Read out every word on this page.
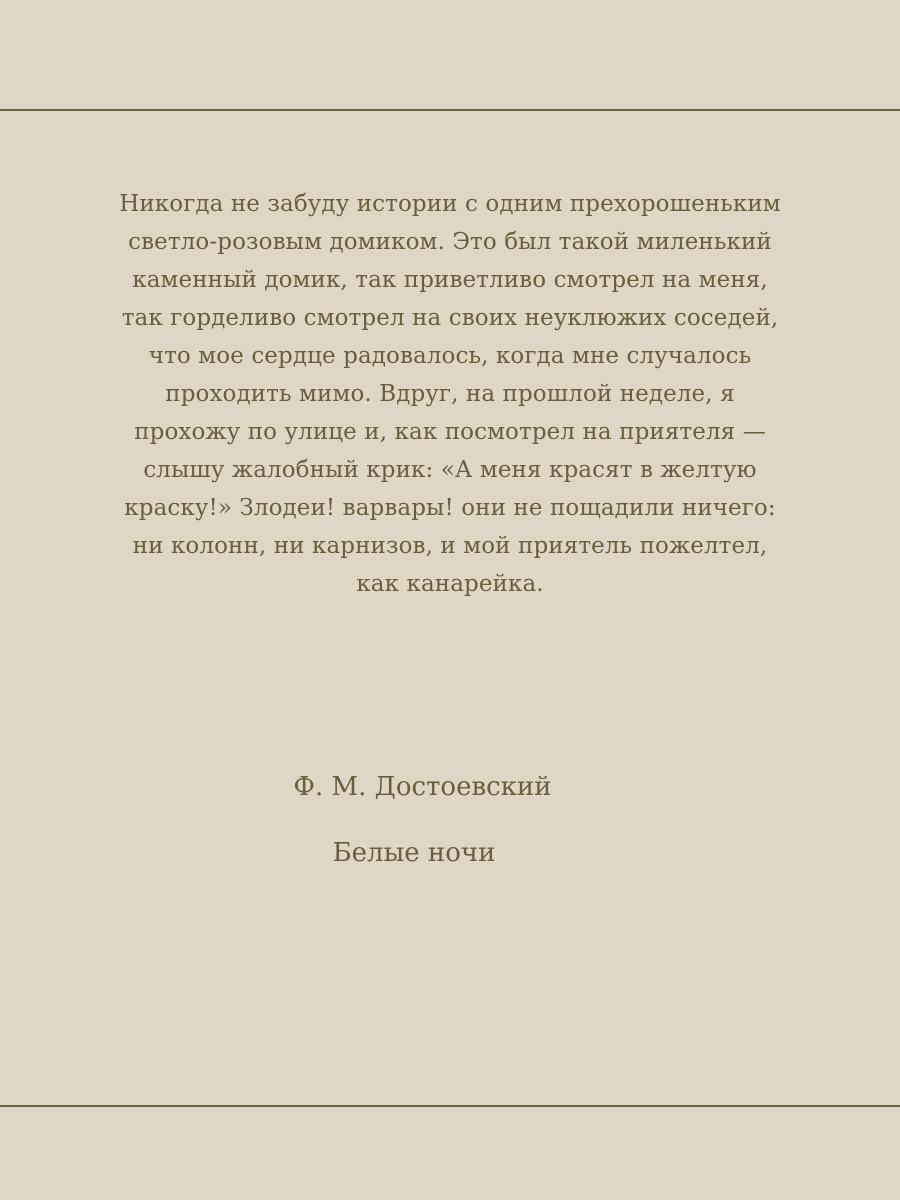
Никогда не забуду истории с одним прехорошеньким
светло-розовым домиком. Это был такой миленький
каменный домик, так приветливо смотрел на меня,
так горделиво смотрел на своих неуклюжих соседей,
что мое сердце радовалось, когда мне случалось
проходить мимо. Вдруг, на прошлой неделе, я
прохожу по улице и, как посмотрел на приятеля —
слышу жалобный крик: «А меня красят в желтую
краску!» Злодеи! варвары! они не пощадили ничего:
ни колонн, ни карнизов, и мой приятель пожелтел,
как канарейка.

Ф. М. Достоевский

Белые ночи
